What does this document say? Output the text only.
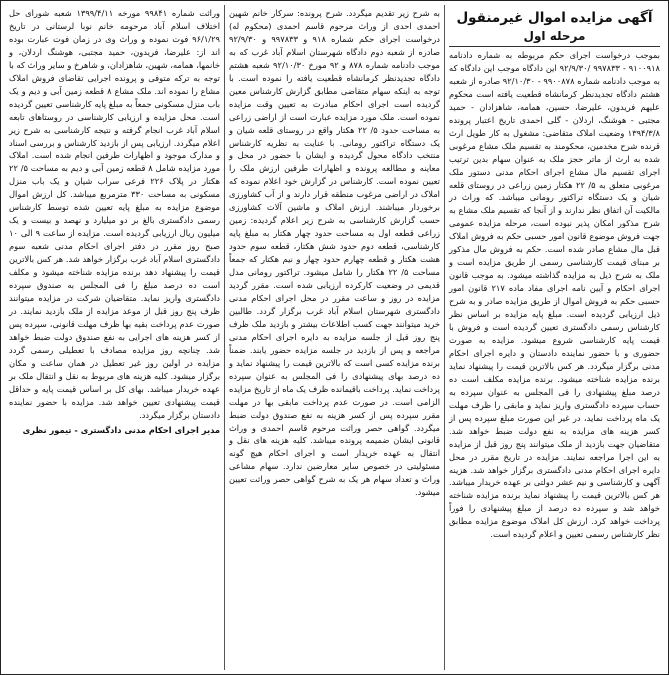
آگهی مزایده اموال غیرمنقول
مرحله اول

بموجب درخواست اجرای حکم مربوطه به شماره دادنامه ۹۱۰۰۹۱۸ - ۹۹۷۸۳۳ /۹۲/۹/۳۰ این دادگاه موجب این دادگاه که به موجب دادنامه شماره ۹۹۰۰۸۷۸ - ۹۲/۱۰/۳۰ صادره از شعبه هشتم دادگاه تجدیدنظر کرمانشاه قطعیت یافته است محکوم علیهم فریدون، علیرضا، حسین، همامه، شاهزادان - حمید مجتبی - هوشنگ، اردلان - گلی احمدی تاریخ اعتبار پرونده ۱۳۹۴/۳/۸ وضعیت املاک متقاضی: مشغول به کار طویل ارث قرنده شرح مخدمین، محکومند به تقسیم ملک مشاع مرغوبی شده به ارث از ماتر حجز ملک به عنوان سهام بدین ترتیب اجرای تقسیم مال مشاع اجرای احکام مدنی دستور ملک مرغوبی متعلق به ۵/ ۲۲ هکتار زمین زراعی در روستای قلعه شیان و یک دستگاه تراکتور رومانی میباشد. که وراث در مالکیت آن اتفاق نظر ندارند و از آنجا که تقسیم ملک مشاع به شرح مذکور امکان پذیر نبوده است، مرحله مزایده عمومی جهت فروش موضوع قانون امور حسبی حکم به فروش املاک قبل مال مشاع صادر شده است. حکم به فروش مال مذکور بر مبنای قیمت کارشناسی رسمی از طریق مزایده است و ملک به شرح ذیل به مزایده گذاشته میشود. به موجب قانون اجرای احکام و آیین نامه اجرای مفاد ماده ۲۱۷ قانون امور حسبی حکم به فروش اموال از طریق مزایده صادر و به شرح ذیل ارزیابی گردیده است. مبلغ پایه مزایده بر اساس نظر کارشناس رسمی دادگستری تعیین گردیده است و فروش با قیمت پایه کارشناسی شروع میشود. مزایده به صورت حضوری و با حضور نماینده دادستان و دایره اجرای احکام مدنی برگزار میگردد. هر کس بالاترین قیمت را پیشنهاد نماید برنده مزایده شناخته میشود. برنده مزایده مکلف است ده درصد مبلغ پیشنهادی را فی المجلس به عنوان سپرده به حساب سپرده دادگستری واریز نماید و مابقی را ظرف مهلت یک ماه پرداخت نماید، در غیر این صورت مبلغ سپرده پس از کسر هزینه های مزایده به نفع دولت ضبط خواهد شد. متقاضیان جهت بازدید از ملک میتوانند پنج روز قبل از مزایده به این اجرا مراجعه نمایند. مزایده در تاریخ مقرر در محل دایره اجرای احکام مدنی دادگستری برگزار خواهد شد. هزینه آگهی و کارشناسی و نیم عشر دولتی بر عهده خریدار میباشد. هر کس بالاترین قیمت را پیشنهاد نماید برنده مزایده شناخته خواهد شد و سپرده ده درصد از مبلغ پیشنهادی را فوراً پرداخت خواهد کرد. ارزش کل املاک موضوع مزایده مطابق نظر کارشناس رسمی تعیین و اعلام گردیده است.

به شرح زیر تقدیم میگردد. شرح پرونده: سرکار خانم شهین احمدی احدی از وراث مرحوم قاسم احمدی (محکوم له) درخواست اجرای حکم شماره ۹۱۸ و ۹۹۷۸۳۳ و ۹۲/۹/۳۰ صادره از شعبه دوم دادگاه شهرستان اسلام آباد غرب که به موجب دادنامه شماره ۸۷۸ و ۹۲ مورخ ۹۲/۱۰/۳۰ شعبه هشتم دادگاه تجدیدنظر کرمانشاه قطعیت یافته را نموده است. با توجه به اینکه سهام متقاضی مطابق گزارش کارشناس معین گردیده است اجرای احکام مبادرت به تعیین وقت مزایده نموده است. ملک مورد مزایده عبارت است از اراضی زراعی به مساحت حدود ۵/ ۲۲ هکتار واقع در روستای قلعه شیان و یک دستگاه تراکتور رومانی. با عنایت به نظریه کارشناس منتخب دادگاه محول گردیده و ایشان با حضور در محل و معاینه و مطالعه پرونده و اظهارات طرفین ارزش ملک را تعیین نموده است. کارشناس در گزارش خود اعلام نموده که املاک در اراضی مرغوب منطقه قرار دارند و از آب کشاورزی برخوردار میباشند. ارزش املاک و ماشین آلات کشاورزی حسب گزارش کارشناسی به شرح زیر اعلام گردیده: زمین زراعی قطعه اول به مساحت حدود چهار هکتار به مبلغ پایه کارشناسی، قطعه دوم حدود شش هکتار، قطعه سوم حدود هشت هکتار و قطعه چهارم حدود چهار و نیم هکتار که جمعاً مساحت ۵/ ۲۲ هکتار را شامل میشود. تراکتور رومانی مدل قدیمی در وضعیت کارکرده ارزیابی شده است. مقرر گردید مزایده در روز و ساعت مقرر در محل اجرای احکام مدنی دادگستری شهرستان اسلام آباد غرب برگزار گردد. طالبین خرید میتوانند جهت کسب اطلاعات بیشتر و بازدید ملک ظرف پنج روز قبل از جلسه مزایده به دایره اجرای احکام مدنی مراجعه و پس از بازدید در جلسه مزایده حضور یابند. ضمناً برنده مزایده کسی است که بالاترین قیمت را پیشنهاد نماید و ده درصد بهای پیشنهادی را فی المجلس به عنوان سپرده پرداخت نماید. پرداخت باقیمانده ظرف یک ماه از تاریخ مزایده الزامی است. در صورت عدم پرداخت مابقی بها در مهلت مقرر سپرده پس از کسر هزینه به نفع صندوق دولت ضبط میگردد. گواهی حصر وراثت مرحوم قاسم احمدی و وراث قانونی ایشان ضمیمه پرونده میباشد. کلیه هزینه های نقل و انتقال به عهده خریدار است و اجرای احکام هیچ گونه مسئولیتی در خصوص سایر معارضین ندارد. سهام مشاعی وراث و تعداد سهام هر یک به شرح گواهی حصر وراثت تعیین میشود.

وراثت شماره ۹۹۸۴۱ مورخه ۱۳۹۹/۴/۱۱ شعبه شورای حل اختلاف اسلام آباد مرحومه خانم نوبا لرستانی در تاریخ ۹۶/۱/۲۹ فوت نموده و وراث وی در زمان فوت عبارت بوده اند از: علیرضا، فریدون، حمید مجتبی، هوشنگ اردلان، و خانمها، همامه، شهین، شاهزادان، و شاهرخ و سایر وراث که با توجه به ترکه متوفی و پرونده اجرایی تقاضای فروش املاک مشاع را نموده اند. ملک مشاع ۸ قطعه زمین آبی و دیم و یک باب منزل مسکونی جمعاً به مبلغ پایه کارشناسی تعیین گردیده است. محل مزایده و ارزیابی کارشناسی در روستاهای تابعه اسلام آباد غرب انجام گرفته و نتیجه کارشناسی به شرح زیر اعلام میگردد. ارزیابی پس از بازدید کارشناس و بررسی اسناد و مدارک موجود و اظهارات طرفین انجام شده است. املاک مورد مزایده شامل ۸ قطعه زمین آبی و دیم به مساحت ۵/ ۲۲ هکتار در پلاک ۲۲۶ فرعی سراب شیان و یک باب منزل مسکونی به مساحت ۳۳۰ مترمربع میباشد. کل ارزش اموال موضوع مزایده به مبلغ پایه تعیین شده توسط کارشناس رسمی دادگستری بالغ بر دو میلیارد و نهصد و بیست و یک میلیون ریال ارزیابی گردیده است. مزایده از ساعت ۹ الی ۱۰ صبح روز مقرر در دفتر اجرای احکام مدنی شعبه سوم دادگستری اسلام آباد غرب برگزار خواهد شد. هر کس بالاترین قیمت را پیشنهاد دهد برنده مزایده شناخته میشود و مکلف است ده درصد مبلغ را فی المجلس به صندوق سپرده دادگستری واریز نماید. متقاضیان شرکت در مزایده میتوانند ظرف پنج روز قبل از موعد مزایده از ملک بازدید نمایند. در صورت عدم پرداخت بقیه بها ظرف مهلت قانونی، سپرده پس از کسر هزینه های اجرایی به نفع صندوق دولت ضبط خواهد شد. چنانچه روز مزایده مصادف با تعطیلی رسمی گردد مزایده در اولین روز غیر تعطیل در همان ساعت و مکان برگزار میشود. کلیه هزینه های مربوط به نقل و انتقال ملک بر عهده خریدار میباشد. بهای کل بر اساس قیمت پایه و حداقل قیمت پیشنهادی تعیین خواهد شد. مزایده با حضور نماینده دادستان برگزار میگردد.

مدیر اجرای احکام مدنی دادگستری - تیمور نظری
